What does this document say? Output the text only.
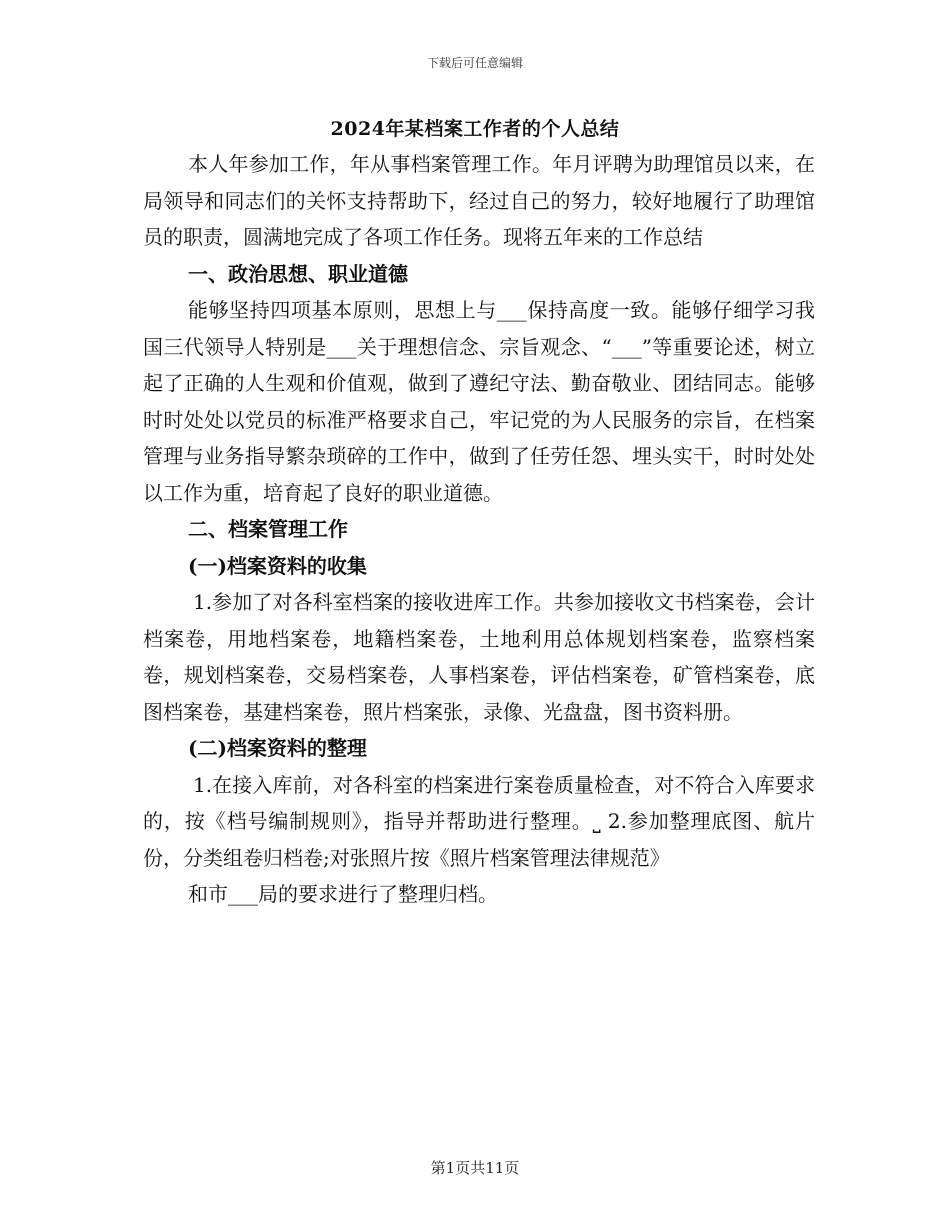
下载后可任意编辑
2024年某档案工作者的个人总结

本人年参加工作，年从事档案管理工作。年月评聘为助理馆员以来，在局领导和同志们的关怀支持帮助下，经过自己的努力，较好地履行了助理馆员的职责，圆满地完成了各项工作任务。现将五年来的工作总结

一、政治思想、职业道德

能够坚持四项基本原则，思想上与___保持高度一致。能够仔细学习我国三代领导人特别是___关于理想信念、宗旨观念、“___”等重要论述，树立起了正确的人生观和价值观，做到了遵纪守法、勤奋敬业、团结同志。能够时时处处以党员的标准严格要求自己，牢记党的为人民服务的宗旨，在档案管理与业务指导繁杂琐碎的工作中，做到了任劳任怨、埋头实干，时时处处以工作为重，培育起了良好的职业道德。

二、档案管理工作

(一)档案资料的收集

1.参加了对各科室档案的接收进库工作。共参加接收文书档案卷，会计档案卷，用地档案卷，地籍档案卷，土地利用总体规划档案卷，监察档案卷，规划档案卷，交易档案卷，人事档案卷，评估档案卷，矿管档案卷，底图档案卷，基建档案卷，照片档案张，录像、光盘盘，图书资料册。

(二)档案资料的整理

1.在接入库前，对各科室的档案进行案卷质量检查，对不符合入库要求的，按《档号编制规则》，指导并帮助进行整理。⎵ 2.参加整理底图、航片份，分类组卷归档卷;对张照片按《照片档案管理法律规范》

和市___局的要求进行了整理归档。

第1页共11页
